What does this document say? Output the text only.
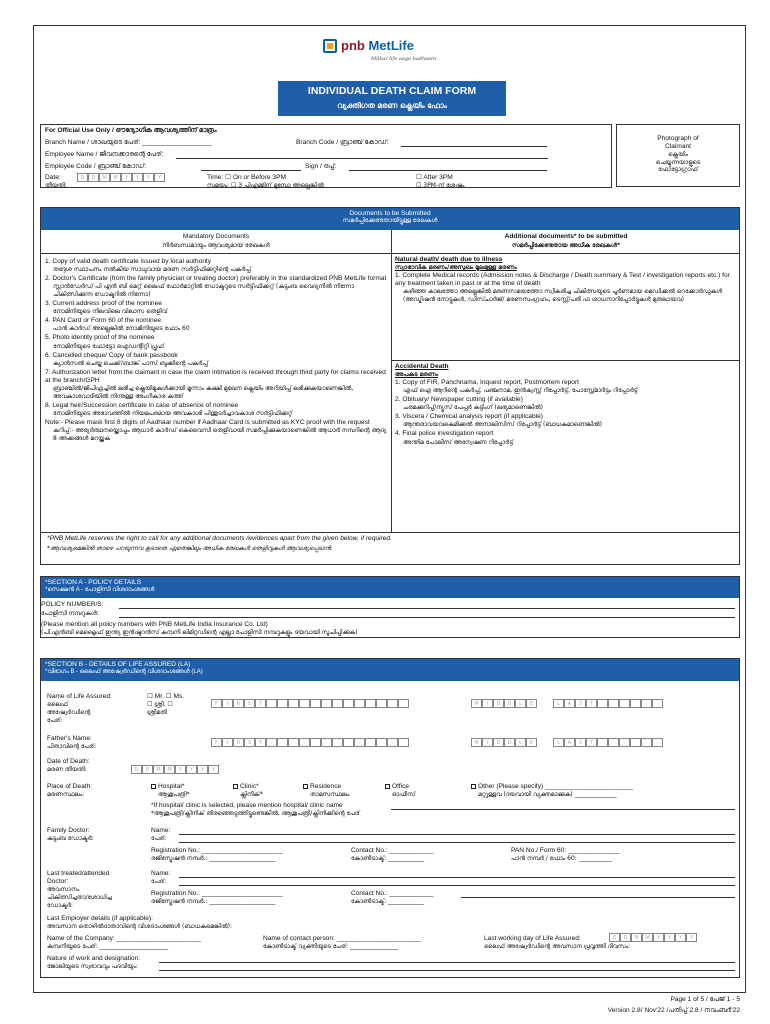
pnb MetLife
Milkar life aage badhaein
INDIVIDUAL DEATH CLAIM FORM
വ്യക്തിഗത മരണ ക്ലെയിം ഫോം
For Official Use Only / ഔദ്യോഗിക ആവശ്യത്തിന് മാത്രം
Branch Name / ശാഖയുടെ പേര്: ___________________	Branch Code / ബ്രാഞ്ച് കോഡ്:
Employee Name / ജീവനക്കാരന്റെ പേര്:
Employee Code / ബ്രാഞ്ച് കോഡ്:	Sign / ഒപ്പ്:
Date:
തീയതി:
D	D	M	M	Y	Y	Y	Y	Time: ☐ On or Before 3PM
സമയം: ☐ 3 പിഎമ്മിന് മുമ്പോ അല്ലെങ്കിൽ
☐ After 3PM
☐ 3PM-ന് ശേഷം
Photograph of
Claimant
ക്ലെയിം
ചെയ്യുന്നയാളുടെ
ഫോട്ടോഗ്രാഫ്
Documents to be Submitted
സമർപ്പിക്കേണ്ടതായിട്ടുള്ള രേഖകൾ
Mandatory Documents
നിർബന്ധമായും ആവശ്യമായ രേഖകൾ
Additional documents* to be submitted
സമർപ്പിക്കേണ്ടതായ അധിക രേഖകൾ*
1. Copy of valid death certificate issued by local authority
തദ്ദേശ സ്ഥാപനം നൽകിയ സാധുവായ മരണ സർട്ടിഫിക്കറ്റിന്റെ പകർപ്പ്
2. Doctor's Certificate (from the family physician or treating doctor) preferably in the standardized PNB MetLife format
സ്റ്റാൻഡേർഡ് പി എൻ ബി മെറ്റ് ലൈഫ് ഫോർമാറ്റിൽ ഡോക്ടറുടെ സർട്ടിഫിക്കറ്റ് (കുടുംബ വൈദ്യനിൽ നിന്നോ ചികിത്സിക്കുന്ന ഡോക്ടറിൽ നിന്നോ)
3. Current address proof of the nominee
നോമിനിയുടെ നിലവിലെ വിലാസ തെളിവ്
4. PAN Card or Form 60 of the nominee
പാൻ കാർഡ് അല്ലെങ്കിൽ നോമിനിയുടെ ഫോം 60
5. Photo identity proof of the nominee
നോമിനിയുടെ ഫോട്ടോ ഐഡന്റിറ്റി പ്രൂഫ്
6. Cancelled cheque/ Copy of bank passbook
ക്യാൻസൽ ചെയ്ത ചെക്ക്/ബാങ്ക് പാസ് ബുക്കിന്റെ പകർപ്പ്
7. Authorization letter from the claimant in case the claim intimation is received through third party for claims received at the branch/GPH
ബ്രാഞ്ചിൽ/ജിപിഎച്ചിൽ ലഭിച്ച ക്ലെയിമുകൾക്കായി മൂന്നാം കക്ഷി മുഖേന ക്ലെയിം അറിയിപ്പ് ലഭിക്കുകയാണെങ്കിൽ, അവകാശവാദിയിൽ നിന്നുള്ള അംഗീകാര കത്ത്
8. Legal heir/Succession certificate in case of absence of nominee
നോമിനിയുടെ അഭാവത്തിൽ നിയമപരമായ അവകാശി പിന്തുടർച്ചാവകാശ സർട്ടിഫിക്കറ്റ്
Note:- Please mask first 8 digits of Aadhaar number if Aadhaar Card is submitted as KYC proof with the request
കുറിപ്പ്:- അഭ്യർത്ഥനയ്ക്കൊപ്പം ആധാർ കാർഡ് കെവൈസി തെളിവായി സമർപ്പിക്കുകയാണെങ്കിൽ ആധാർ നമ്പറിന്റെ ആദ്യ 8 അക്കങ്ങൾ മറയ്ക്കുക
Natural death/ death due to illness
സ്വാഭാവിക മരണം/അസുഖം മൂലമുള്ള മരണം
1. Complete Medical records (Admission notes & Discharge / Death summary & Test / investigation reports etc.) for any treatment taken in past or at the time of death
കഴിഞ്ഞ കാലത്തോ അല്ലെങ്കിൽ മരണസമയത്തോ സ്വീകരിച്ച ചികിത്സയുടെ പൂർണമായ മെഡിക്കൽ റെക്കോർഡുകൾ (അഡ്മിഷൻ നോട്ടുകൾ, ഡിസ്ചാർജ്/ മരണസംഗ്രഹം, ടെസ്റ്റ്/പരി ഫ ശാധനാറിപ്പോർട്ടുകൾ മുതലായവ)
Accidental Death
അപകട മരണം
1. Copy of FIR, Panchnama, Inquest report, Postmortem report
എഫ് ഐ ആറിന്റെ പകർപ്പ്, പഞ്ചനാമ, ഇൻക്വസ്റ്റ് റിപ്പോർട്ട്, പോസ്റ്റ്മോർട്ടം റിപ്പോർട്ട്
2. Obituary/ Newspaper cutting (if available)
ചരമക്കുറിപ്പ്/ന്യൂസ് പേപ്പർ കട്ടിംഗ് (ലഭ്യമാണെങ്കിൽ)
3. Viscera / Chemical analysis report (if applicable)
ആന്തരാവയവകെമിക്കൽ അനാലിസിസ് റിപ്പോർട്ട് (ബാധകമാണെങ്കിൽ)
4. Final police investigation report
അന്തിമ പോലീസ് അന്വേഷണ റിപ്പോർട്ട്
*PNB MetLife reserves the right to call for any additional documents /evidences apart from the given below, if required.
*ആവശ്യമെങ്കിൽ താഴെ പറയുന്നവ കൂടാതെ ഏതെങ്കിലും അധിക രേഖകൾ തെളിവുകൾ ആവശ്യപ്പെടാൻ.
*SECTION A - POLICY DETAILS
*സെക്ഷൻ A - പോളിസി വിശദാംശങ്ങൾ
POLICY NUMBER/S:
പോളിസി നമ്പറുകൾ:
(Please mention all policy numbers with PNB MetLife India Insurance Co. Ltd)
(പി.എൻബി മെറ്റ്ലൈഫ് ഇന്ത്യ ഇൻഷുറൻസ് കമ്പനി ലിമിറ്റഡിന്റെ എല്ലാ പോളിസി നമ്പറുകളും ദയവായി സൂചിപ്പിക്കുക)
*SECTION B - DETAILS OF LIFE ASSURED (LA)
*വിഭാഗം B - ലൈഫ് അഷ്വേർഡിന്റെ വിശദാംശങ്ങൾ (LA)
Name of Life Assured:
ലൈഫ്
അഷ്വേർഡിന്റെ
പേര്:
☐ Mr. ☐ Ms.
☐ ശ്രീ. ☐
ശ്രീമതി
F	I	R	S	T	M	I	D	D	L	E	L	A	S	T
Father's Name:
പിതാവിന്റെ പേര്:	F	I	R	S	T	M	I	D	D	L	E	L	A	S	T
Date of Death:
മരണ തീയതി:	D	D	M	M	Y	Y	Y	Y
Place of Death:
മരണസ്ഥലം:
Hospital*
ആശുപത്രി*
Clinic*
ക്ലിനിക്*
Residence
താമസസ്ഥലം
Office
ഓഫീസ്
Other (Please specify) ________________________
മറ്റുള്ളവ (ദയവായി വ്യക്തമാക്കുക) ______________
*If hospital/ clinic is selected, please mention hospital/ clinic name
*ആശുപത്രി/ക്ലിനിക് തിരഞ്ഞെടുത്തിട്ടുണ്ടെങ്കിൽ, ആശുപത്രി/ക്ലിനിക്കിന്റെ പേര്
Family Doctor:
കുടുംബ ഡോക്ടർ:
Name:
പേര്:
Registration No.: ______________________
രജിസ്ട്രേഷൻ നമ്പർ.: ______________________
Contact No.: ____________
കോൺടാക്ട്: ____________
PAN No./ Form 60: ______________
പാൻ നമ്പർ / ഫോം 60: ___________
Last treated/attended
Doctor:
അവസാനം
ചികിത്സിച്ചതാ/ശോധിച്ച
ഡോക്ടർ:
Name:
പേര്:
Registration No.: ______________________
രജിസ്ട്രേഷൻ നമ്പർ.: ______________________
Contact No.: ____________
കോൺടാക്ട്: ____________
Last Employer details (if applicable):
അവസാന തൊഴിൽദാതാവിന്റെ വിശദാംശങ്ങൾ (ബാധകമെങ്കിൽ):
Name of the Company: _______________________
കമ്പനിയുടെ പേര്: _______________________
Name of contact person: _______________________
കോൺടാക്ട് വ്യക്തിയുടെ പേര്: ________________
Last working day of Life Assured:
ലൈഫ് അഷ്വേർഡിന്റെ അവസാന പ്രവൃത്തി ദിവസം:
D	D	M	M	Y	Y	Y	Y
Nature of work and designation:
ജോലിയുടെ സ്വഭാവവും പദവിയും:
Page 1 of 5 / പേജ് 1 - 5
Version 2.8/ Nov'22 /പതിപ്പ് 2.8 / നവംബർ'22
